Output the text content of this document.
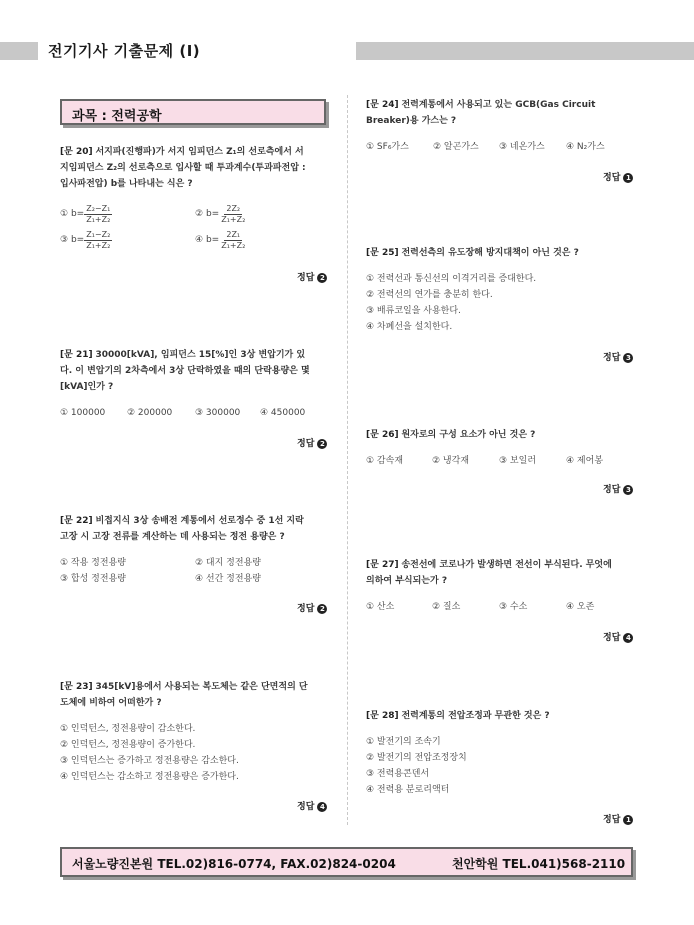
전기기사 기출문제 (Ⅰ)
과목 : 전력공학
[문 20] 서지파(진행파)가 서지 임피던스 Z₁의 선로측에서 서
지임피던스 Z₂의 선로측으로 입사할 때 투과계수(투과파전압 :
입사파전압) b를 나타내는 식은 ?
①
$b= \frac{\text{Z₂−Z₁}}{\text{Z₁+Z₂}}$	②
$b= \frac{\text{2Z₂}}{\text{Z₁+Z₂}}$
③
$b= \frac{\text{Z₁−Z₂}}{\text{Z₁+Z₂}}$	④
$b= \frac{\text{2Z₁}}{\text{Z₁+Z₂}}$
정답 2
[문 21] 30000[kVA], 임피던스 15[%]인 3상 변압기가 있
다. 이 변압기의 2차측에서 3상 단락하였을 때의 단락용량은 몇
[kVA]인가 ?
① 100000	② 200000	③ 300000	④ 450000
정답 2
[문 22] 비접지식 3상 송배전 계통에서 선로정수 중 1선 지락
고장 시 고장 전류를 계산하는 데 사용되는 정전 용량은 ?
① 작용 정전용량	② 대지 정전용량
③ 합성 정전용량	④ 선간 정전용량
정답 2
[문 23] 345[kV]용에서 사용되는 복도체는 같은 단면적의 단
도체에 비하여 어떠한가 ?
① 인덕턴스, 정전용량이 감소한다.
② 인덕턴스, 정전용량이 증가한다.
③ 인덕턴스는 증가하고 정전용량은 감소한다.
④ 인덕턴스는 감소하고 정전용량은 증가한다.
정답 4
[문 24] 전력계통에서 사용되고 있는 GCB(Gas Circuit
Breaker)용 가스는 ?
① SF₆가스	② 알곤가스	③ 네온가스	④ N₂가스
정답 1
[문 25] 전력선측의 유도장해 방지대책이 아닌 것은 ?
① 전력선과 통신선의 이격거리를 증대한다.
② 전력선의 연가를 충분히 한다.
③ 배류코일을 사용한다.
④ 차폐선을 설치한다.
정답 3
[문 26] 원자로의 구성 요소가 아닌 것은 ?
① 감속재	② 냉각재	③ 보일러	④ 제어봉
정답 3
[문 27] 송전선에 코로나가 발생하면 전선이 부식된다. 무엇에
의하여 부식되는가 ?
① 산소	② 질소	③ 수소	④ 오존
정답 4
[문 28] 전력계통의 전압조정과 무관한 것은 ?
① 발전기의 조속기
② 발전기의 전압조정장치
③ 전력용콘덴서
④ 전력용 분로리액터
정답 1
서울노량진본원 TEL.02)816-0774, FAX.02)824-0204	천안학원 TEL.041)568-2110
